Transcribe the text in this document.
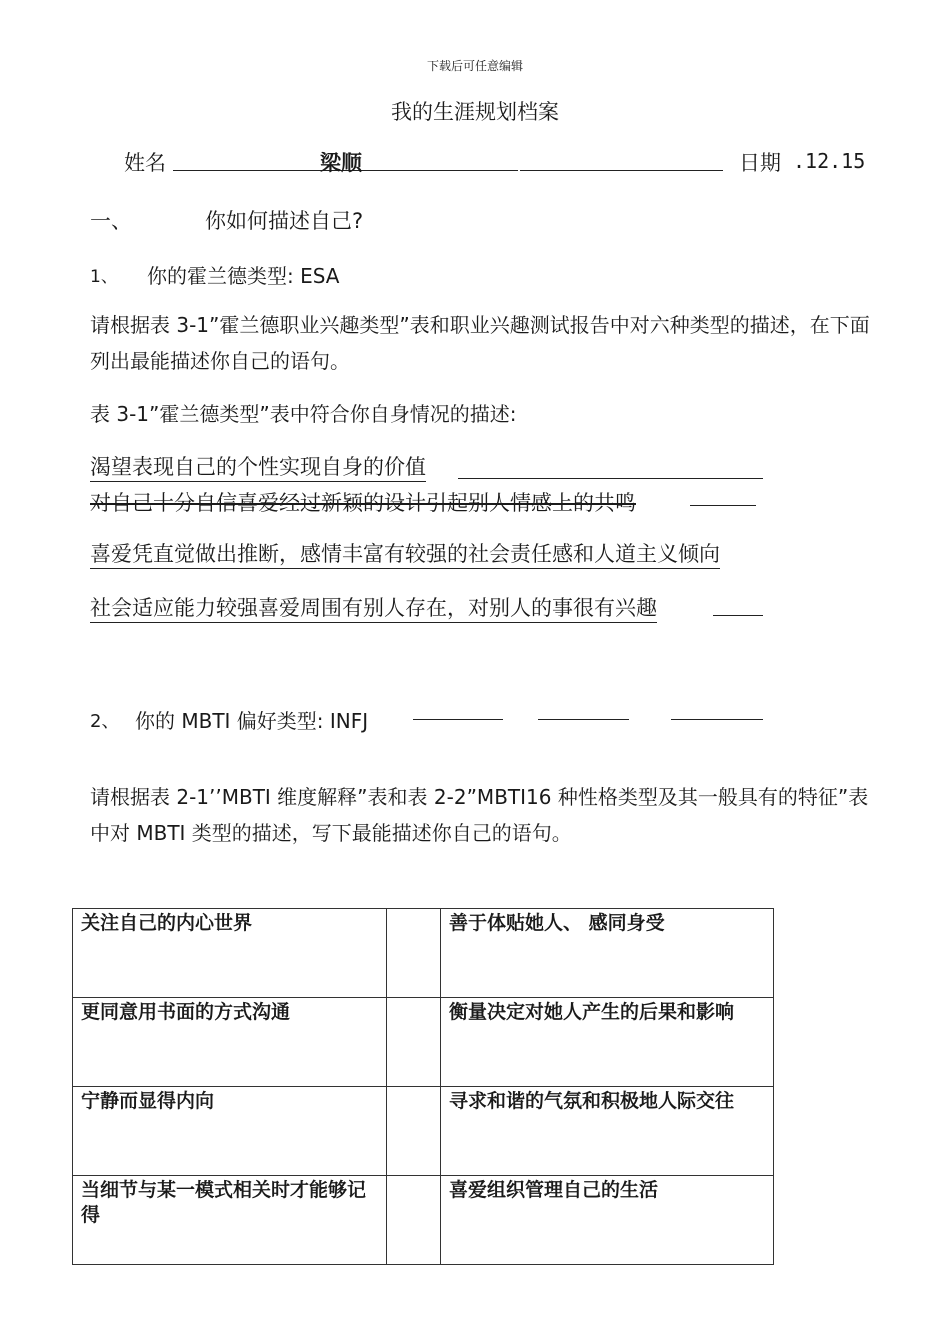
下载后可任意编辑
我的生涯规划档案
姓名	梁顺	日期 .12.15
一、	你如何描述自己?
1、 你的霍兰德类型: ESA
请根据表 3-1”霍兰德职业兴趣类型”表和职业兴趣测试报告中对六种类型的描述，在下面列出最能描述你自己的语句。
表 3-1”霍兰德类型”表中符合你自身情况的描述:
渴望表现自己的个性实现自身的价值
对自己十分自信喜爱经过新颖的设计引起别人情感上的共鸣
喜爱凭直觉做出推断，感情丰富有较强的社会责任感和人道主义倾向
社会适应能力较强喜爱周围有别人存在，对别人的事很有兴趣
2、 你的 MBTI 偏好类型: INFJ
请根据表 2-1’’MBTI 维度解释”表和表 2-2”MBTI16 种性格类型及其一般具有的特征”表中对 MBTI 类型的描述，写下最能描述你自己的语句。
关注自己的内心世界		善于体贴她人、 感同身受
更同意用书面的方式沟通		衡量决定对她人产生的后果和影响
宁静而显得内向		寻求和谐的气氛和积极地人际交往
当细节与某一模式相关时才能够记得		喜爱组织管理自己的生活
